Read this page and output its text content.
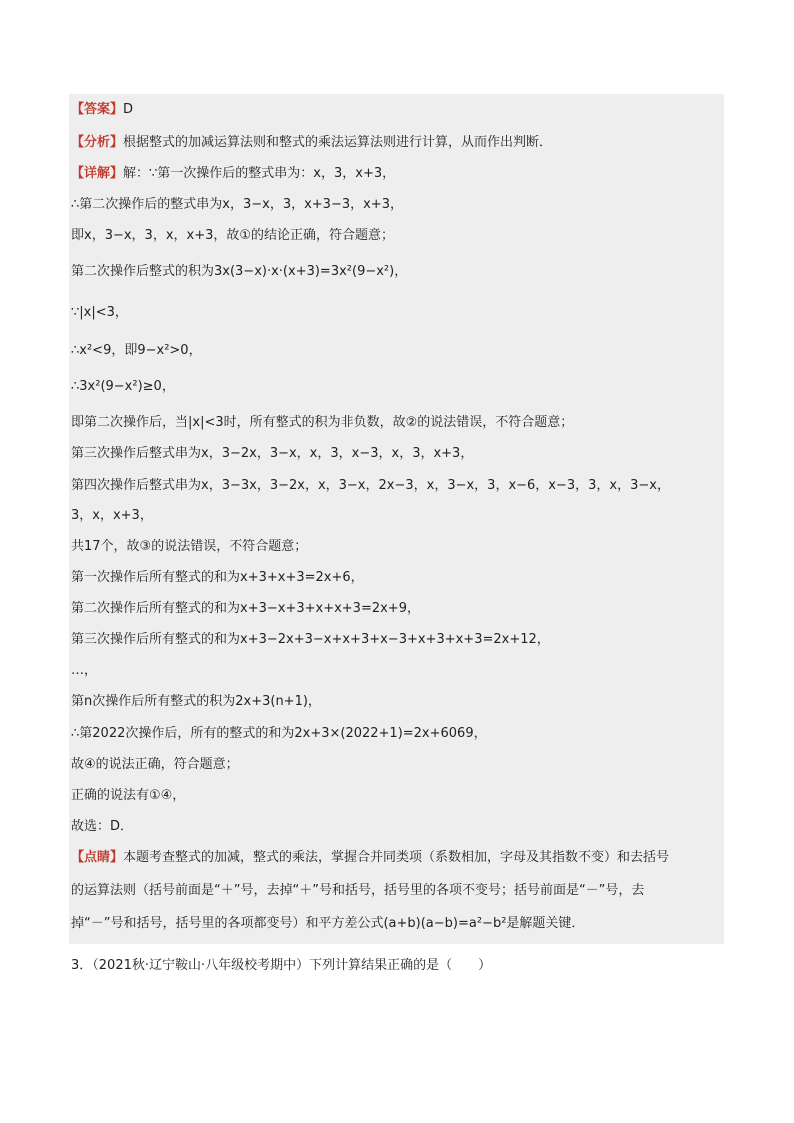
【答案】D
【分析】根据整式的加减运算法则和整式的乘法运算法则进行计算，从而作出判断．
【详解】解：∵第一次操作后的整式串为：x，3，x+3，
∴第二次操作后的整式串为x，3−x，3，x+3−3，x+3，
即x，3−x，3，x，x+3，故①的结论正确，符合题意；
第二次操作后整式的积为3x(3−x)·x·(x+3)=3x²(9−x²)，
∵|x|<3，
∴x²<9，即9−x²>0，
∴3x²(9−x²)≥0，
即第二次操作后，当|x|<3时，所有整式的积为非负数，故②的说法错误，不符合题意；
第三次操作后整式串为x，3−2x，3−x，x，3，x−3，x，3，x+3，
第四次操作后整式串为x，3−3x，3−2x，x，3−x，2x−3，x，3−x，3，x−6，x−3，3，x，3−x，
3，x，x+3，
共17个，故③的说法错误，不符合题意；
第一次操作后所有整式的和为x+3+x+3=2x+6，
第二次操作后所有整式的和为x+3−x+3+x+x+3=2x+9，
第三次操作后所有整式的和为x+3−2x+3−x+x+3+x−3+x+3+x+3=2x+12，
…，
第n次操作后所有整式的积为2x+3(n+1)，
∴第2022次操作后，所有的整式的和为2x+3×(2022+1)=2x+6069，
故④的说法正确，符合题意；
正确的说法有①④，
故选：D．
【点睛】本题考查整式的加减，整式的乘法，掌握合并同类项（系数相加，字母及其指数不变）和去括号
的运算法则（括号前面是“＋”号，去掉“＋”号和括号，括号里的各项不变号；括号前面是“－”号，去
掉“－”号和括号，括号里的各项都变号）和平方差公式(a+b)(a−b)=a²−b²是解题关键．
3．（2021秋·辽宁鞍山·八年级校考期中）下列计算结果正确的是（　　）
